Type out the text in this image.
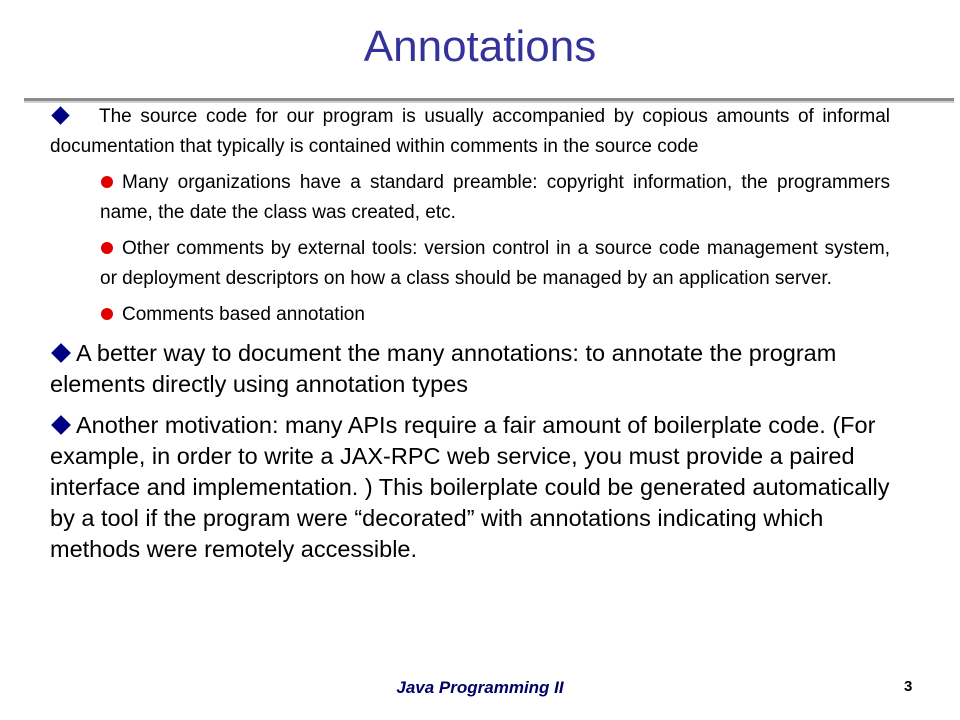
Annotations

The source code for our program is usually accompanied by copious amounts of informal documentation that typically is contained within comments in the source code

Many organizations have a standard preamble: copyright information, the programmers name, the date the class was created, etc.

Other comments by external tools: version control in a source code management system, or deployment descriptors on how a class should be managed by an application server.

Comments based annotation

A better way to document the many annotations: to annotate the program elements directly using annotation types

Another motivation: many APIs require a fair amount of boilerplate code. (For example, in order to write a JAX-RPC web service, you must provide a paired interface and implementation. ) This boilerplate could be generated automatically by a tool if the program were “decorated” with annotations indicating which methods were remotely accessible.

Java Programming II	3
